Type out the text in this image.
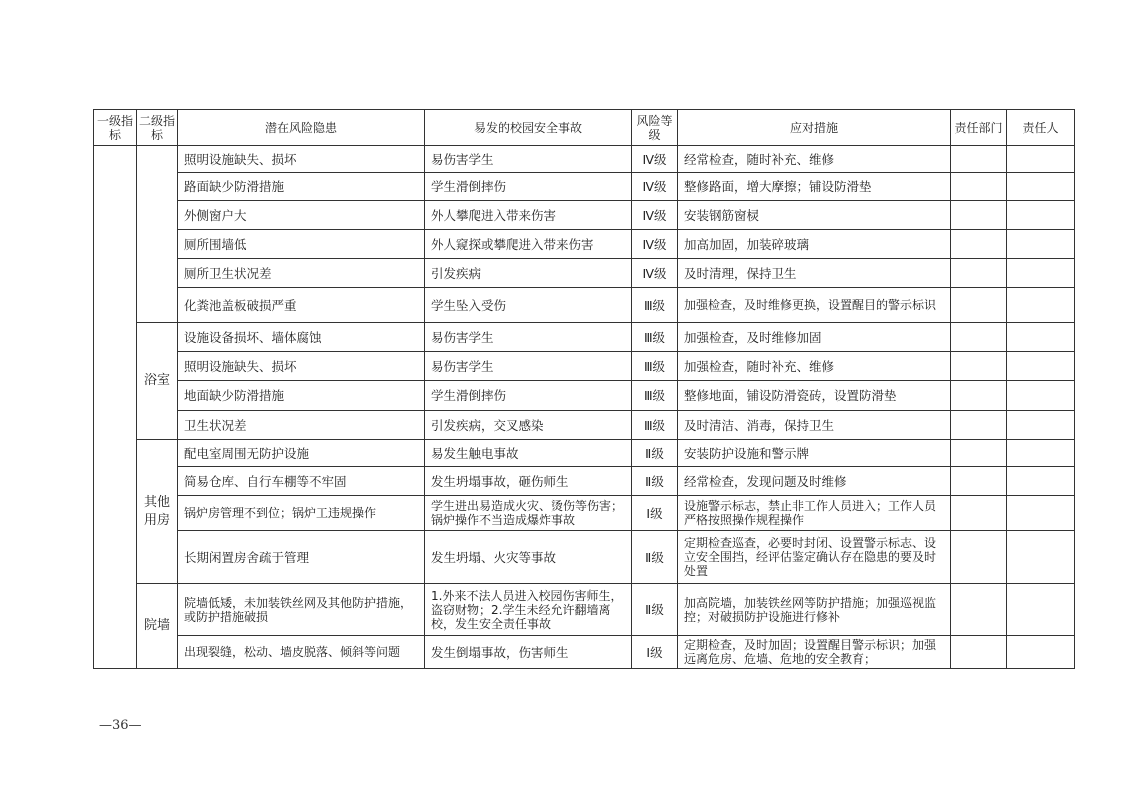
一级指标	二级指标	潜在风险隐患	易发的校园安全事故	风险等级	应对措施	责任部门	责任人
		照明设施缺失、损坏	易伤害学生	Ⅳ级	经常检查，随时补充、维修		
		路面缺少防滑措施	学生滑倒摔伤	Ⅳ级	整修路面，增大摩擦；铺设防滑垫		
		外侧窗户大	外人攀爬进入带来伤害	Ⅳ级	安装钢筋窗棂		
		厕所围墙低	外人窥探或攀爬进入带来伤害	Ⅳ级	加高加固，加装碎玻璃		
		厕所卫生状况差	引发疾病	Ⅳ级	及时清理，保持卫生		
		化粪池盖板破损严重	学生坠入受伤	Ⅲ级	加强检查，及时维修更换，设置醒目的警示标识		
	浴室	设施设备损坏、墙体腐蚀	易伤害学生	Ⅲ级	加强检查，及时维修加固		
		照明设施缺失、损坏	易伤害学生	Ⅲ级	加强检查，随时补充、维修		
		地面缺少防滑措施	学生滑倒摔伤	Ⅲ级	整修地面，铺设防滑瓷砖，设置防滑垫		
		卫生状况差	引发疾病，交叉感染	Ⅲ级	及时清洁、消毒，保持卫生		
	其他用房	配电室周围无防护设施	易发生触电事故	Ⅱ级	安装防护设施和警示牌		
		简易仓库、自行车棚等不牢固	发生坍塌事故，砸伤师生	Ⅱ级	经常检查，发现问题及时维修		
		锅炉房管理不到位；锅炉工违规操作	学生进出易造成火灾、烫伤等伤害；锅炉操作不当造成爆炸事故	Ⅰ级	设施警示标志，禁止非工作人员进入；工作人员严格按照操作规程操作		
		长期闲置房舍疏于管理	发生坍塌、火灾等事故	Ⅱ级	定期检查巡查，必要时封闭、设置警示标志、设立安全围挡，经评估鉴定确认存在隐患的要及时处置		
	院墙	院墙低矮，未加装铁丝网及其他防护措施，或防护措施破损	1.外来不法人员进入校园伤害师生，盗窃财物；2.学生未经允许翻墙离校，发生安全责任事故	Ⅱ级	加高院墙，加装铁丝网等防护措施；加强巡视监控；对破损防护设施进行修补		
		出现裂缝，松动、墙皮脱落、倾斜等问题	发生倒塌事故，伤害师生	Ⅰ级	定期检查，及时加固；设置醒目警示标识；加强远离危房、危墙、危地的安全教育；		
—36—
